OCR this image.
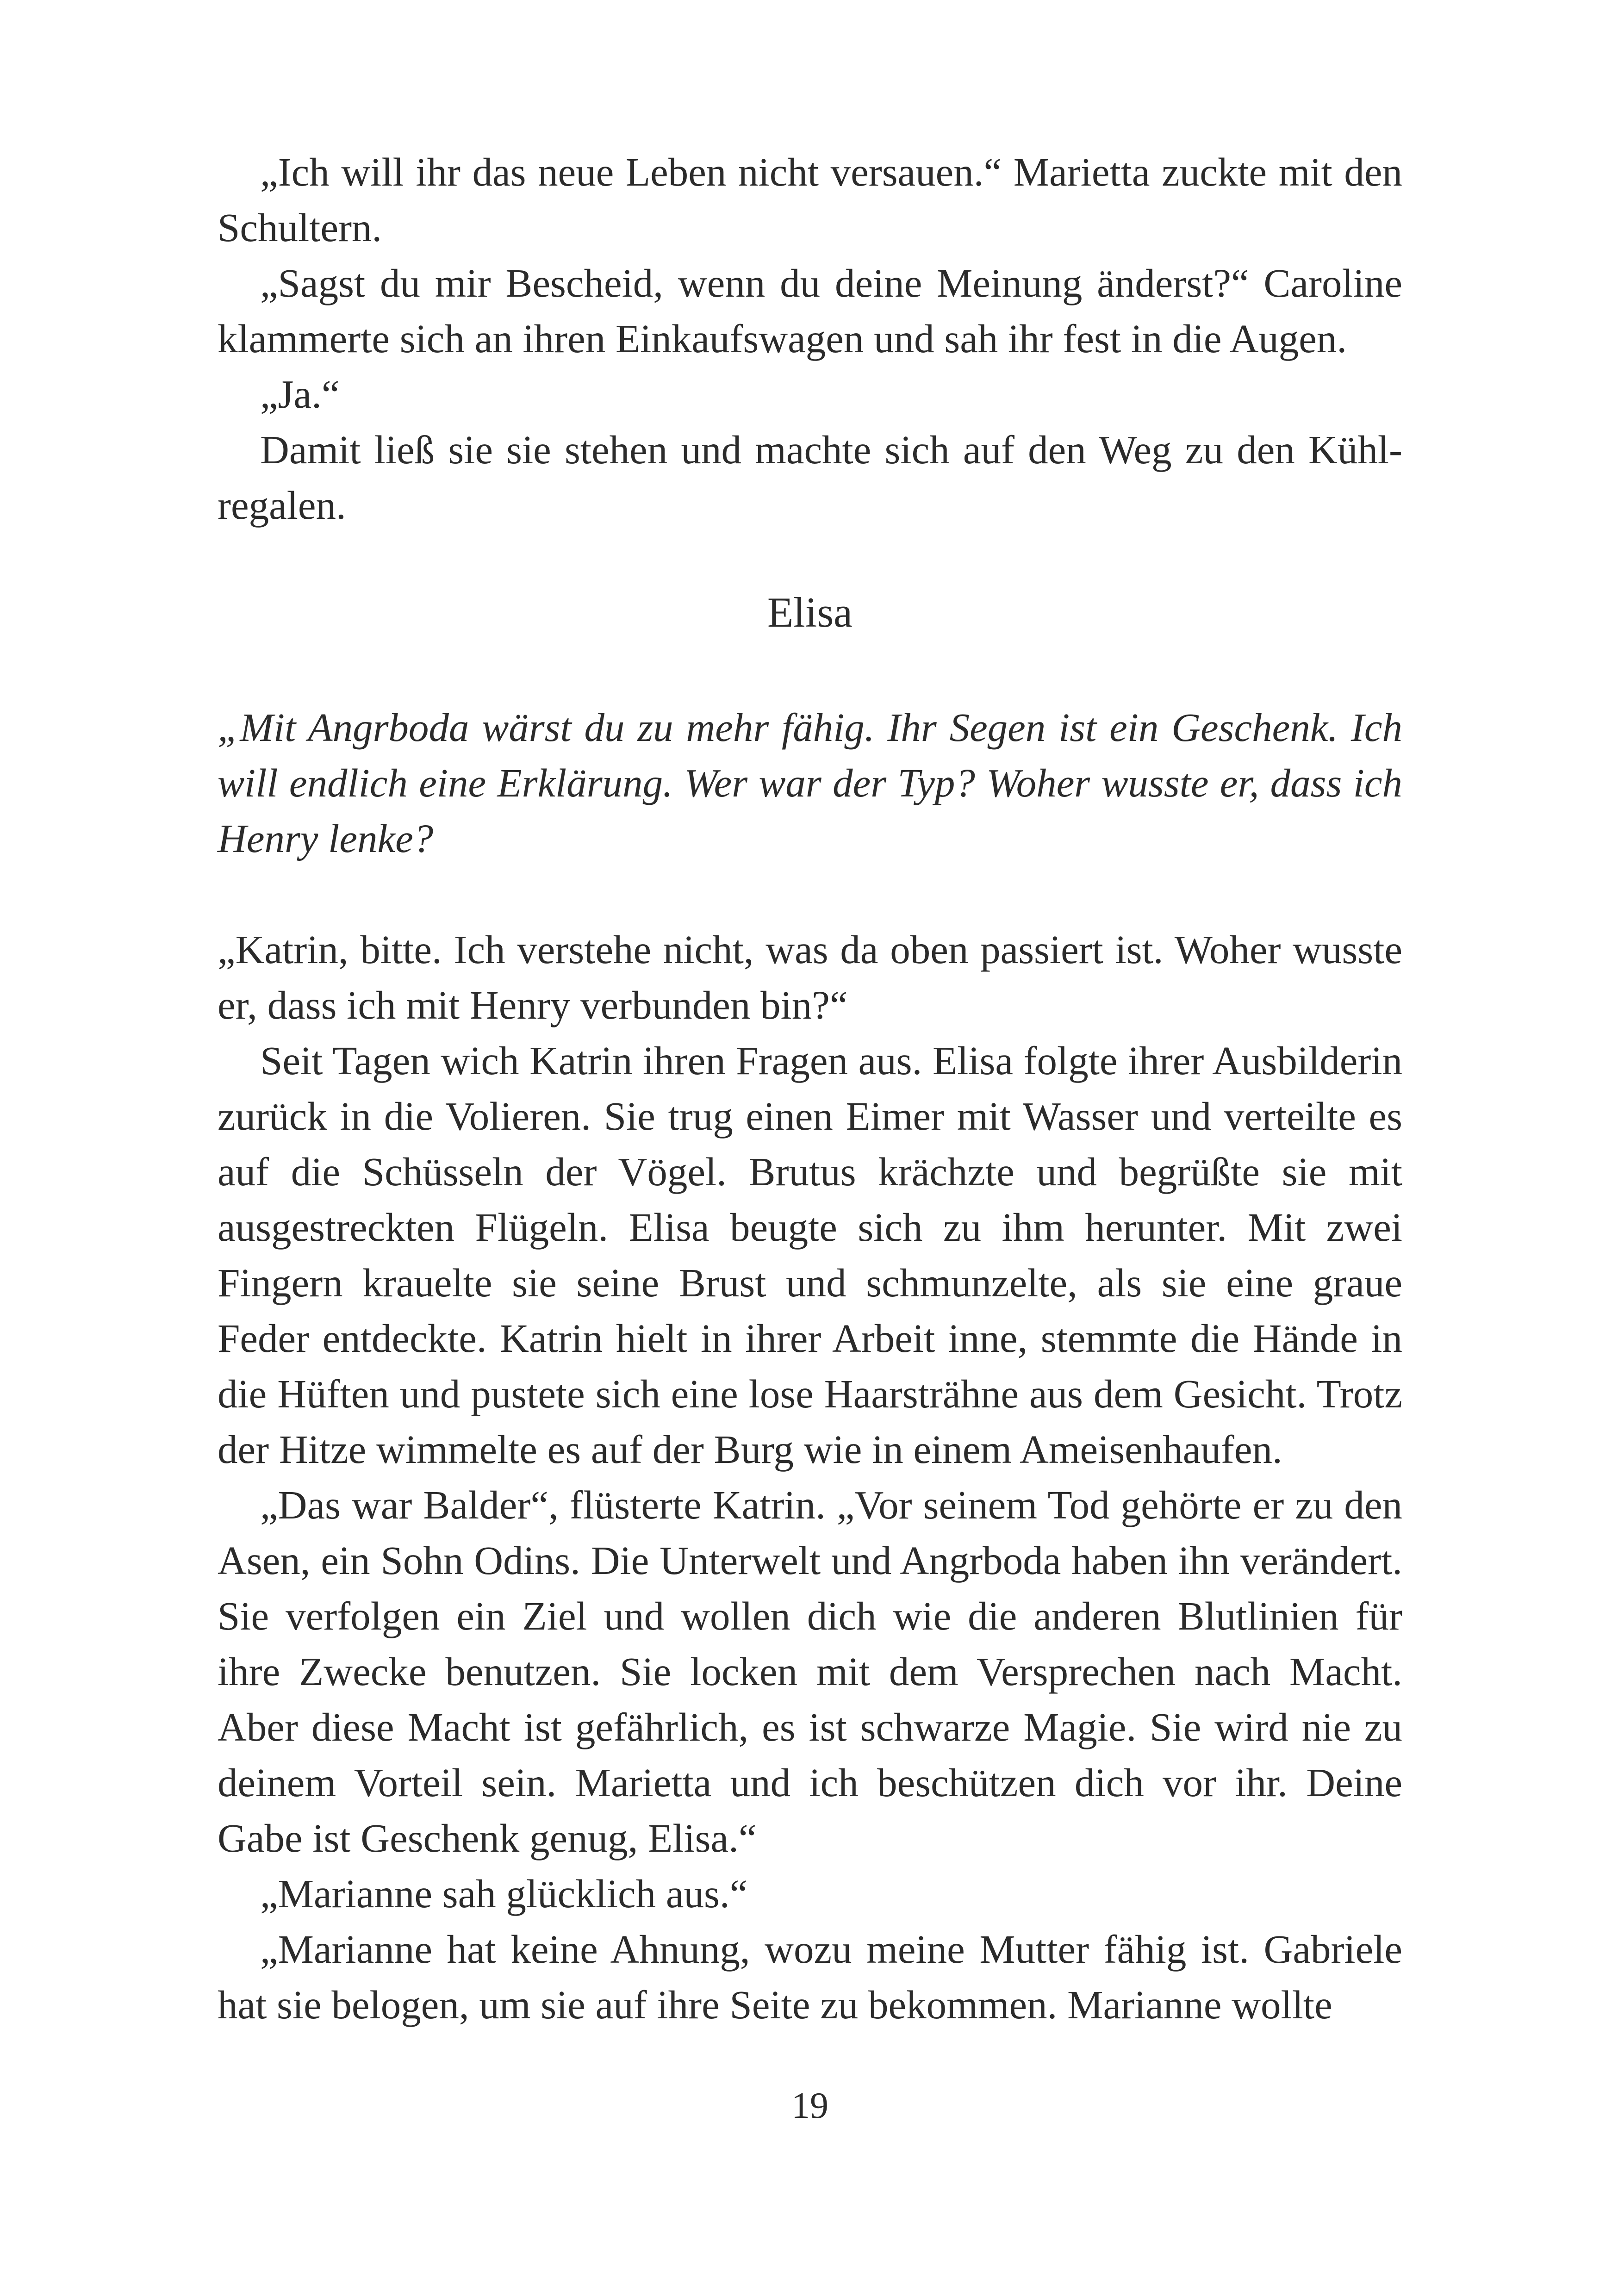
„Ich will ihr das neue Leben nicht versauen.“ Marietta zuckte mit den Schultern.

„Sagst du mir Bescheid, wenn du deine Meinung änderst?“ Caroline klammerte sich an ihren Einkaufswagen und sah ihr fest in die Augen.

„Ja.“

Damit ließ sie sie stehen und machte sich auf den Weg zu den Kühlregalen.

Elisa

„Mit Angrboda wärst du zu mehr fähig. Ihr Segen ist ein Geschenk. Ich will endlich eine Erklärung. Wer war der Typ? Woher wusste er, dass ich Henry lenke?

„Katrin, bitte. Ich verstehe nicht, was da oben passiert ist. Woher wusste er, dass ich mit Henry verbunden bin?“

Seit Tagen wich Katrin ihren Fragen aus. Elisa folgte ihrer Ausbilderin zurück in die Volieren. Sie trug einen Eimer mit Wasser und verteilte es auf die Schüsseln der Vögel. Brutus krächzte und begrüßte sie mit ausgestreckten Flügeln. Elisa beugte sich zu ihm herunter. Mit zwei Fingern krauelte sie seine Brust und schmunzelte, als sie eine graue Feder entdeckte. Katrin hielt in ihrer Arbeit inne, stemmte die Hände in die Hüften und pustete sich eine lose Haarsträhne aus dem Gesicht. Trotz der Hitze wimmelte es auf der Burg wie in einem Ameisenhaufen.

„Das war Balder“, flüsterte Katrin. „Vor seinem Tod gehörte er zu den Asen, ein Sohn Odins. Die Unterwelt und Angrboda haben ihn verändert. Sie verfolgen ein Ziel und wollen dich wie die anderen Blutlinien für ihre Zwecke benutzen. Sie locken mit dem Versprechen nach Macht. Aber diese Macht ist gefährlich, es ist schwarze Magie. Sie wird nie zu deinem Vorteil sein. Marietta und ich beschützen dich vor ihr. Deine Gabe ist Geschenk genug, Elisa.“

„Marianne sah glücklich aus.“

„Marianne hat keine Ahnung, wozu meine Mutter fähig ist. Gabriele hat sie belogen, um sie auf ihre Seite zu bekommen. Marianne wollte

19
